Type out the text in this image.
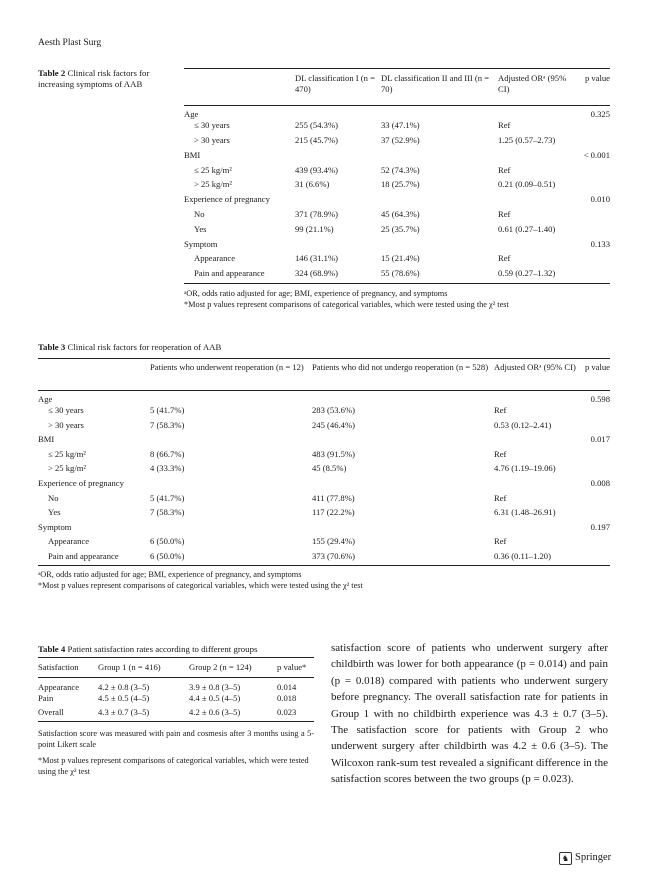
Aesth Plast Surg
Table 2 Clinical risk factors for increasing symptoms of AAB
	DL classification I (n = 470)	DL classification II and III (n = 70)	Adjusted ORᵃ (95% CI)	p value
Age				0.325
≤ 30 years	255 (54.3%)	33 (47.1%)	Ref	
> 30 years	215 (45.7%)	37 (52.9%)	1.25 (0.57–2.73)	
BMI				< 0.001
≤ 25 kg/m²	439 (93.4%)	52 (74.3%)	Ref	
> 25 kg/m²	31 (6.6%)	18 (25.7%)	0.21 (0.09–0.51)	
Experience of pregnancy				0.010
No	371 (78.9%)	45 (64.3%)	Ref	
Yes	99 (21.1%)	25 (35.7%)	0.61 (0.27–1.40)	
Symptom				0.133
Appearance	146 (31.1%)	15 (21.4%)	Ref	
Pain and appearance	324 (68.9%)	55 (78.6%)	0.59 (0.27–1.32)	
ᵃOR, odds ratio adjusted for age; BMI, experience of pregnancy, and symptoms
*Most p values represent comparisons of categorical variables, which were tested using the χ² test
Table 3 Clinical risk factors for reoperation of AAB
	Patients who underwent reoperation (n = 12)	Patients who did not undergo reoperation (n = 528)	Adjusted ORᵃ (95% CI)	p value
Age				0.598
≤ 30 years	5 (41.7%)	283 (53.6%)	Ref	
> 30 years	7 (58.3%)	245 (46.4%)	0.53 (0.12–2.41)	
BMI				0.017
≤ 25 kg/m²	8 (66.7%)	483 (91.5%)	Ref	
> 25 kg/m²	4 (33.3%)	45 (8.5%)	4.76 (1.19–19.06)	
Experience of pregnancy				0.008
No	5 (41.7%)	411 (77.8%)	Ref	
Yes	7 (58.3%)	117 (22.2%)	6.31 (1.48–26.91)	
Symptom				0.197
Appearance	6 (50.0%)	155 (29.4%)	Ref	
Pain and appearance	6 (50.0%)	373 (70.6%)	0.36 (0.11–1.20)	
ᵃOR, odds ratio adjusted for age; BMI, experience of pregnancy, and symptoms
*Most p values represent comparisons of categorical variables, which were tested using the χ² test
Table 4 Patient satisfaction rates according to different groups
Satisfaction	Group 1 (n = 416)	Group 2 (n = 124)	p value*
Appearance	4.2 ± 0.8 (3–5)	3.9 ± 0.8 (3–5)	0.014
Pain	4.5 ± 0.5 (4–5)	4.4 ± 0.5 (4–5)	0.018
Overall	4.3 ± 0.7 (3–5)	4.2 ± 0.6 (3–5)	0.023
Satisfaction score was measured with pain and cosmesis after 3 months using a 5-point Likert scale
*Most p values represent comparisons of categorical variables, which were tested using the χ² test
satisfaction score of patients who underwent surgery after childbirth was lower for both appearance (p = 0.014) and pain (p = 0.018) compared with patients who underwent surgery before pregnancy. The overall satisfaction rate for patients in Group 1 with no childbirth experience was 4.3 ± 0.7 (3–5). The satisfaction score for patients with Group 2 who underwent surgery after childbirth was 4.2 ± 0.6 (3–5). The Wilcoxon rank-sum test revealed a significant difference in the satisfaction scores between the two groups (p = 0.023).
♞ Springer
